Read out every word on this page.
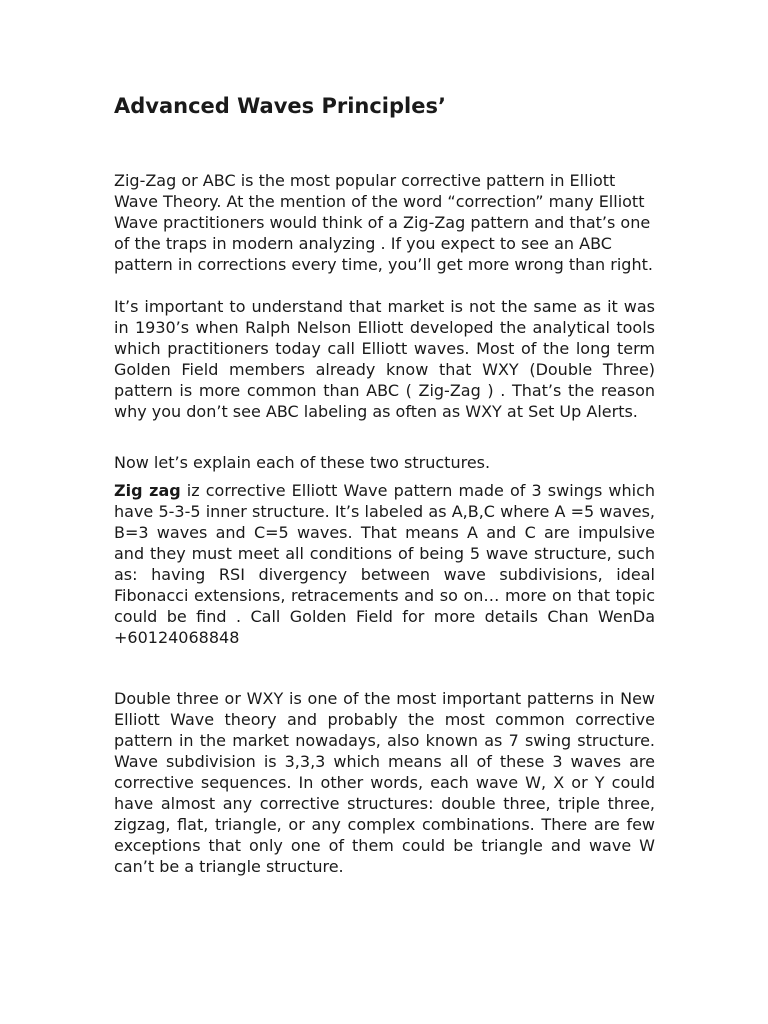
Advanced Waves Principles’

Zig-Zag or ABC is the most popular corrective pattern in Elliott Wave Theory. At the mention of the word “correction” many Elliott Wave practitioners would think of a Zig-Zag pattern and that’s one of the traps in modern analyzing . If you expect to see an ABC pattern in corrections every time, you’ll get more wrong than right.

It’s important to understand that market is not the same as it was in 1930’s when Ralph Nelson Elliott developed the analytical tools which practitioners today call Elliott waves. Most of the long term Golden Field members already know that WXY (Double Three) pattern is more common than ABC ( Zig-Zag ) . That’s the reason why you don’t see ABC labeling as often as WXY at Set Up Alerts.

Now let’s explain each of these two structures.

Zig zag iz corrective Elliott Wave pattern made of 3 swings which have 5-3-5 inner structure. It’s labeled as A,B,C where A =5 waves, B=3 waves and C=5 waves. That means A and C are impulsive and they must meet all conditions of being 5 wave structure, such as: having RSI divergency between wave subdivisions, ideal Fibonacci extensions, retracements and so on… more on that topic could be find . Call Golden Field for more details Chan WenDa +60124068848

Double three or WXY is one of the most important patterns in New Elliott Wave theory and probably the most common corrective pattern in the market nowadays, also known as 7 swing structure. Wave subdivision is 3,3,3 which means all of these 3 waves are corrective sequences. In other words, each wave W, X or Y could have almost any corrective structures: double three, triple three, zigzag, flat, triangle, or any complex combinations. There are few exceptions that only one of them could be triangle and wave W can’t be a triangle structure.
